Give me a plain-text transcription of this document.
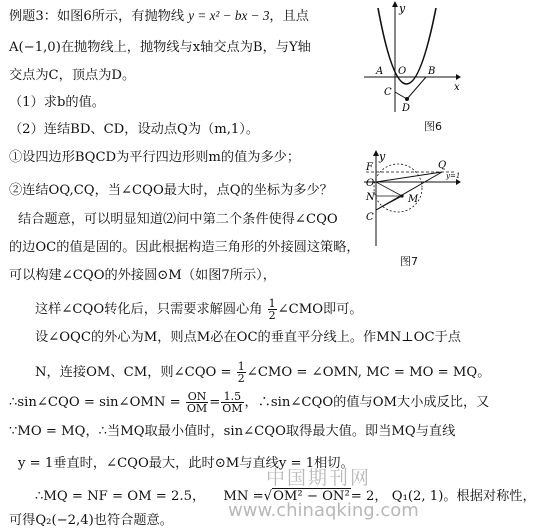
例题3：如图6所示，有抛物线 y = x² − bx − 3，且点
A(−1,0)在抛物线上，抛物线与x轴交点为B，与Y轴
交点为C，顶点为D。
（1）求b的值。
（2）连结BD、CD，设动点Q为（m,1）。
①设四边形BQCD为平行四边形则m的值为多少；
②连结OQ,CQ，当∠CQO最大时，点Q的坐标为多少？
结合题意，可以明显知道⑵问中第二个条件使得∠CQO
的边OC的值是固的。因此根据构造三角形的外接圆这策略，
可以构建∠CQO的外接圆⊙M（如图7所示），
这样∠CQO转化后，只需要求解圆心角 $\frac{1}{2}$ ∠CMO即可。
设∠OQC的外心为M，则点M必在OC的垂直平分线上。作MN⊥OC于点
N，连接OM、CM，则∠CQO = $\frac{1}{2}$ ∠CMO = ∠OMN, MC = MO = MQ。
∴sin∠CQO = sin∠OMN = $\frac{ON}{OM} = \frac{1.5}{OM}$ ，∴sin∠CQO的值与OM大小成反比，又
∵MO = MQ，∴当MQ取最小值时，sin∠CQO取得最大值。即当MQ与直线
y = 1垂直时，∠CQO最大，此时⊙M与直线y = 1相切。
∴MQ = NF = OM = 2.5， MN =√OM² − ON²= 2， Q₁(2, 1)。根据对称性，
可得Q₂(−2,4)也符合题意。
y
A O B
x
C
D
图6
y
F
O
N
C
M
Q
y=1
图7
中国期刊网
www.chinaqking.com
